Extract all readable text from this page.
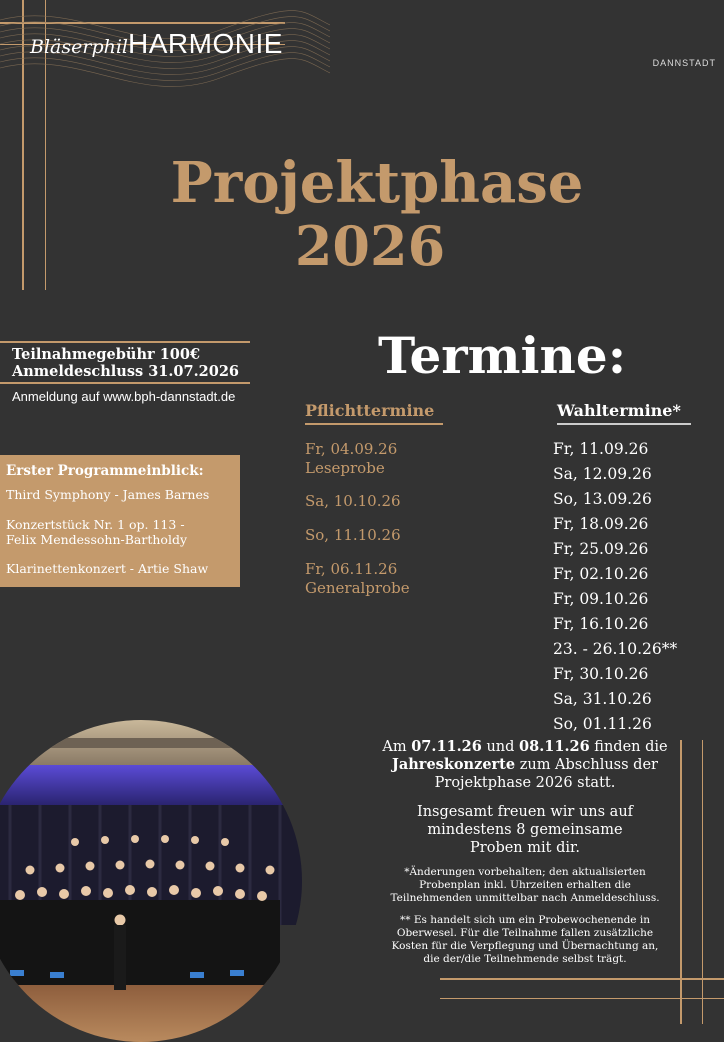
BläserphilHARMONIE
DANNSTADT
Projektphase
2026
Teilnahmegebühr 100€
Anmeldeschluss 31.07.2026
Anmeldung auf www.bph-dannstadt.de
Erster Programmeinblick:
Third Symphony - James Barnes
Konzertstück Nr. 1 op. 113 -
Felix Mendessohn-Bartholdy
Klarinettenkonzert - Artie Shaw
Termine:
Pflichttermine	Wahltermine*
Fr, 04.09.26
Leseprobe
Sa, 10.10.26
So, 11.10.26
Fr, 06.11.26
Generalprobe
Fr, 11.09.26
Sa, 12.09.26
So, 13.09.26
Fr, 18.09.26
Fr, 25.09.26
Fr, 02.10.26
Fr, 09.10.26
Fr, 16.10.26
23. - 26.10.26**
Fr, 30.10.26
Sa, 31.10.26
So, 01.11.26
Am 07.11.26 und 08.11.26 finden die
Jahreskonzerte zum Abschluss der
Projektphase 2026 statt.
Insgesamt freuen wir uns auf
mindestens 8 gemeinsame
Proben mit dir.
*Änderungen vorbehalten; den aktualisierten
Probenplan inkl. Uhrzeiten erhalten die
Teilnehmenden unmittelbar nach Anmeldeschluss.
** Es handelt sich um ein Probewochenende in
Oberwesel. Für die Teilnahme fallen zusätzliche
Kosten für die Verpflegung und Übernachtung an,
die der/die Teilnehmende selbst trägt.
